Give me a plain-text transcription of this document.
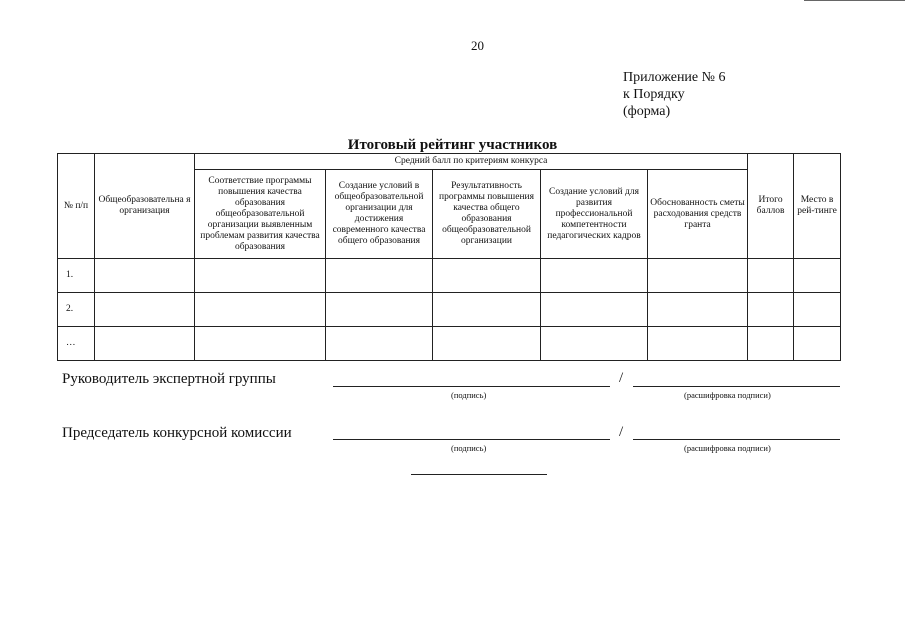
20
Приложение № 6
к Порядку
(форма)
Итоговый рейтинг участников
№ п/п	Общеобразовательна я организация	Средний балл по критериям конкурса					Итого баллов	Место в рей-тинге
		Соответствие программы повышения качества образования общеобразовательной организации выявленным проблемам развития качества образования	Создание условий в общеобразовательной организации для достижения современного качества общего образования	Результативность программы повышения качества общего образования общеобразовательной организации	Создание условий для развития профессиональной компетентности педагогических кадров	Обоснованность сметы расходования средств гранта		
1.								
2.								
…								
Руководитель экспертной группы	/
(подпись)	(расшифровка подписи)
Председатель конкурсной комиссии	/
(подпись)	(расшифровка подписи)
